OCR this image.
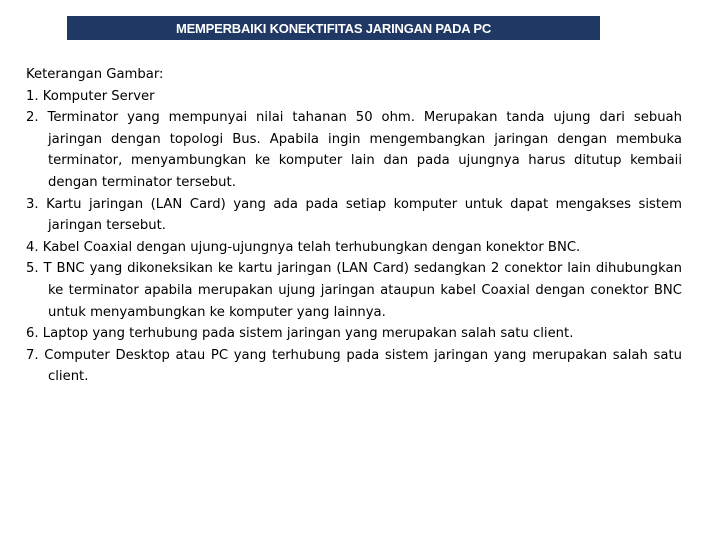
MEMPERBAIKI KONEKTIFITAS JARINGAN PADA PC

Keterangan Gambar:

1. Komputer Server
2. Terminator yang mempunyai nilai tahanan 50 ohm. Merupakan tanda ujung dari sebuah jaringan dengan topologi Bus. Apabila ingin mengembangkan jaringan dengan membuka terminator, menyambungkan ke komputer lain dan pada ujungnya harus ditutup kembaii dengan terminator tersebut.
3. Kartu jaringan (LAN Card) yang ada pada setiap komputer untuk dapat mengakses sistem jaringan tersebut.
4. Kabel Coaxial dengan ujung-ujungnya telah terhubungkan dengan konektor BNC.
5. T BNC yang dikoneksikan ke kartu jaringan (LAN Card) sedangkan 2 conektor lain dihubungkan ke terminator apabila merupakan ujung jaringan ataupun kabel Coaxial dengan conektor BNC untuk menyambungkan ke komputer yang lainnya.
6. Laptop yang terhubung pada sistem jaringan yang merupakan salah satu client.
7. Computer Desktop atau PC yang terhubung pada sistem jaringan yang merupakan salah satu client.
